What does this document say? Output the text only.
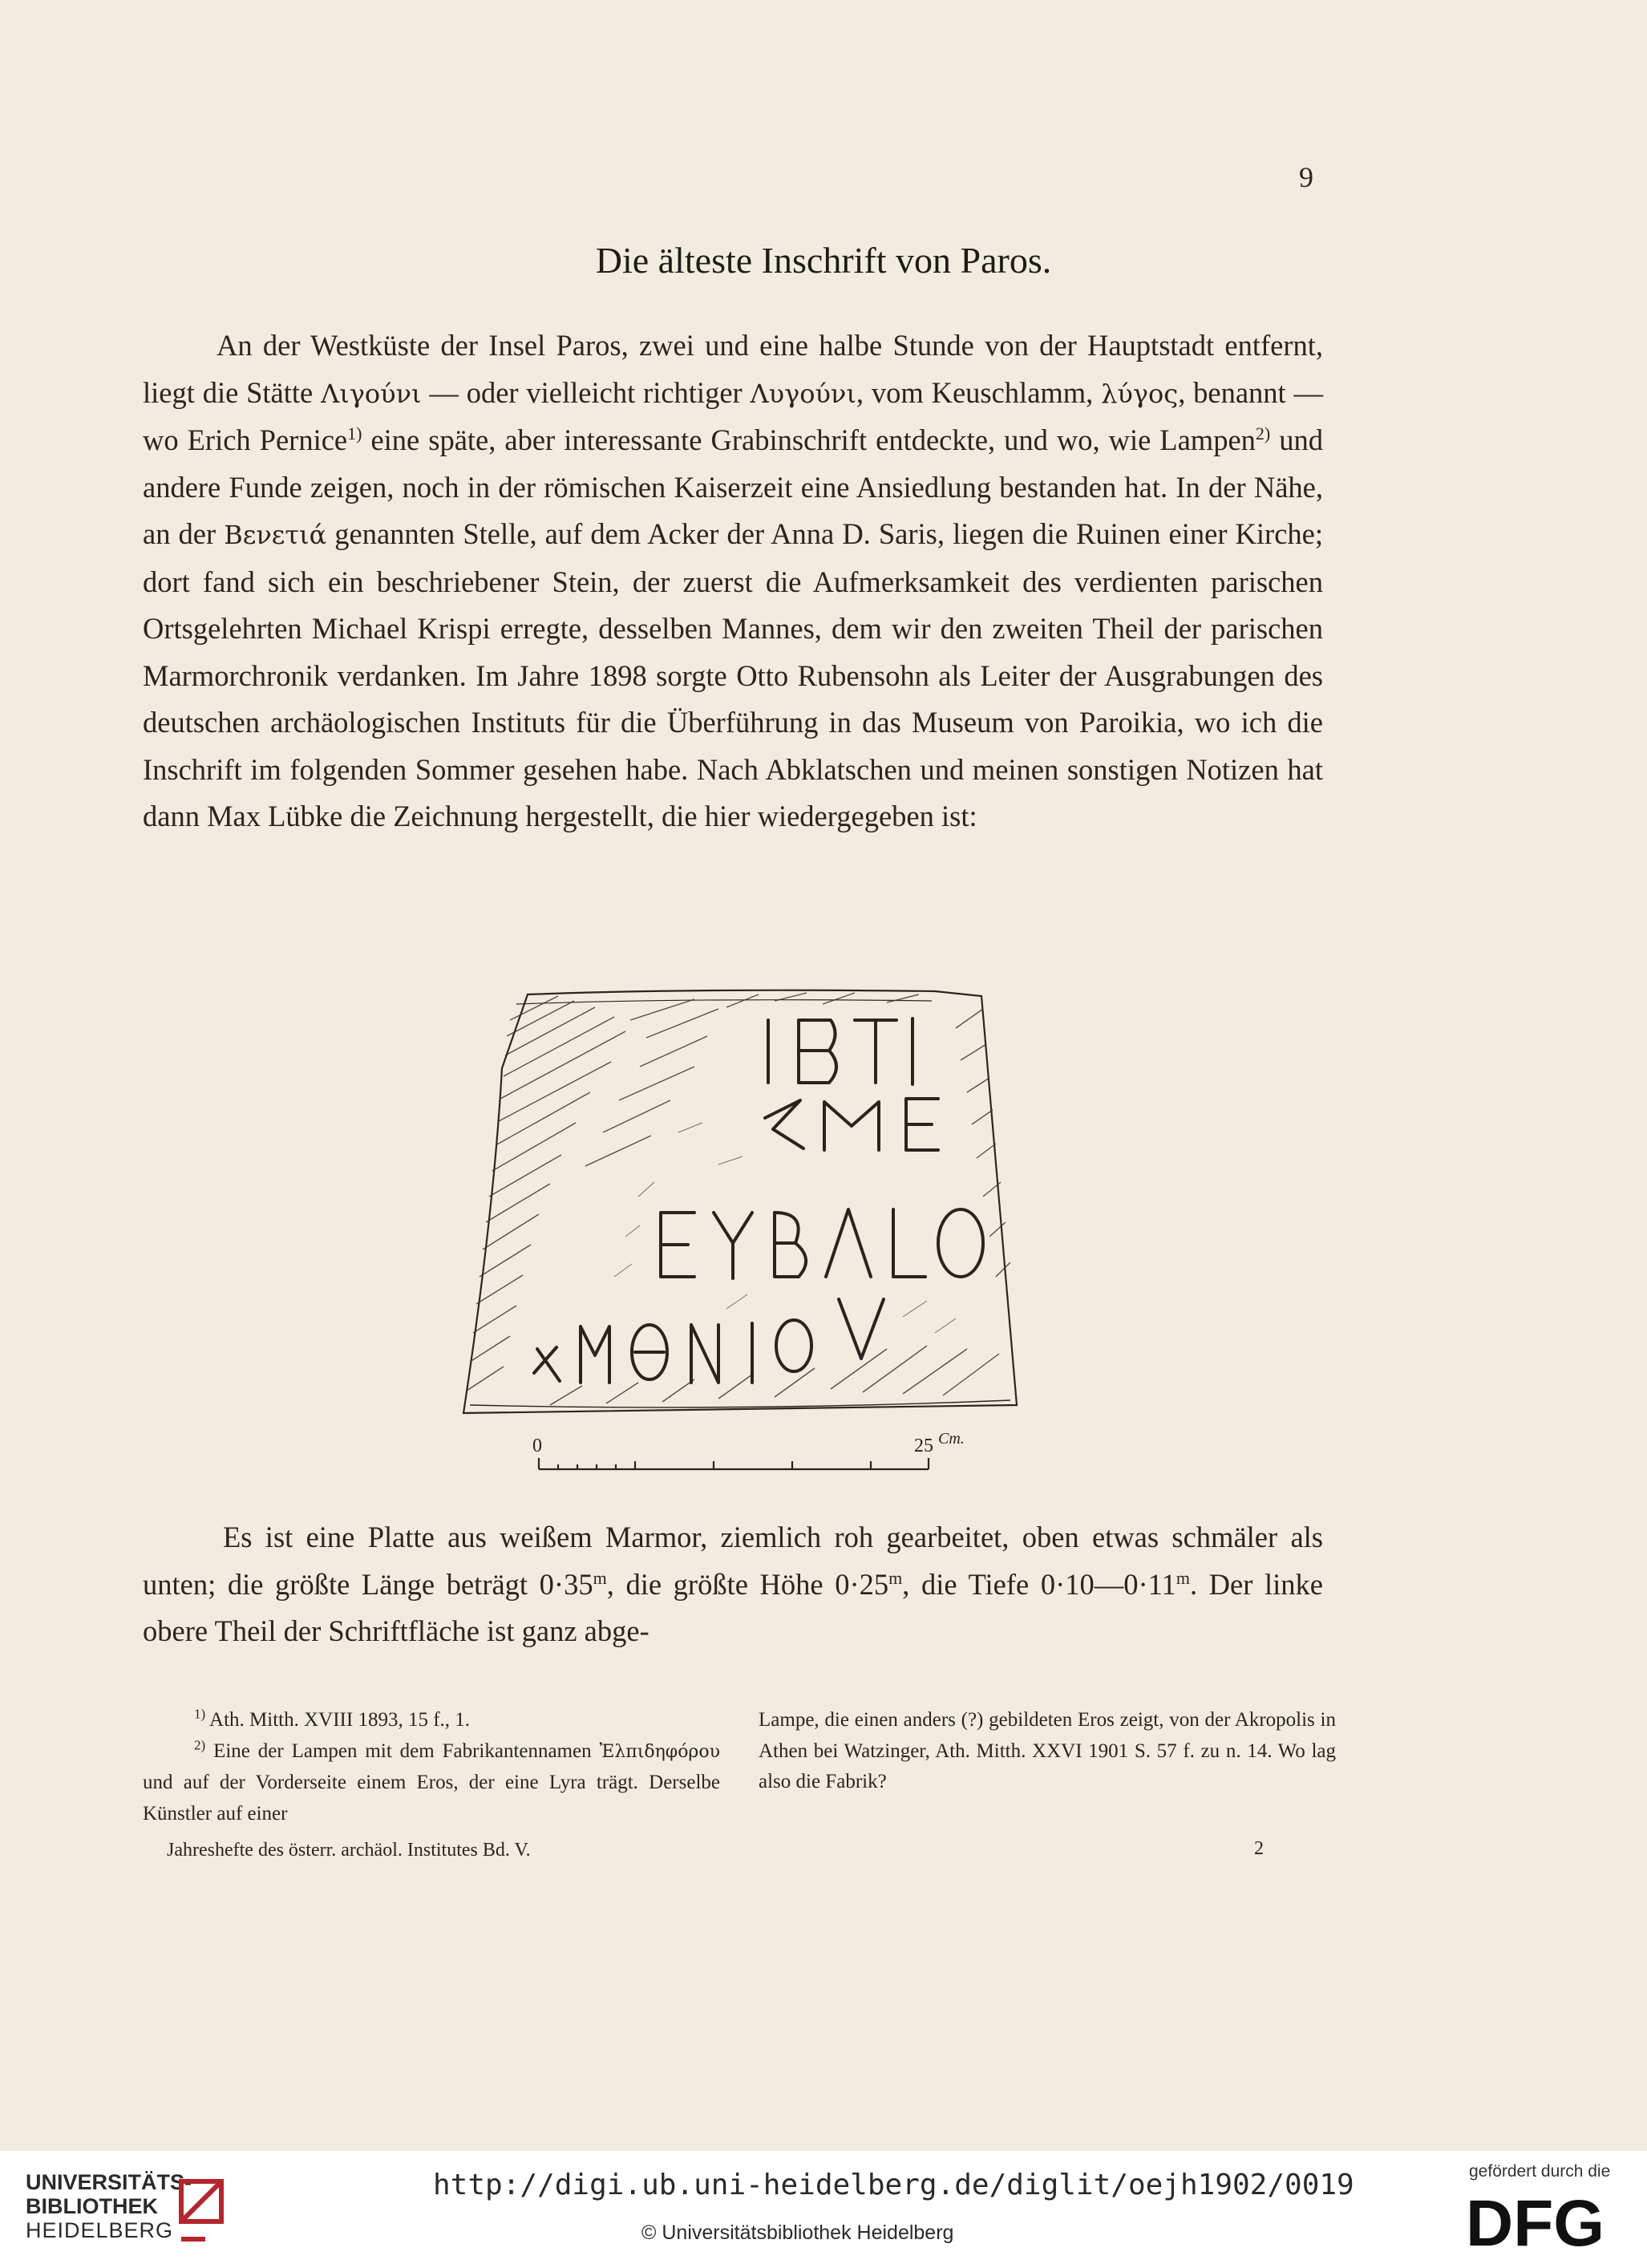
9
Die älteste Inschrift von Paros.

An der Westküste der Insel Paros, zwei und eine halbe Stunde von der Hauptstadt entfernt, liegt die Stätte Λιγούνι — oder vielleicht richtiger Λυγούνι, vom Keuschlamm, λύγος, benannt — wo Erich Pernice$^{1)}$ eine späte, aber interessante Grabinschrift entdeckte, und wo, wie Lampen$^{2)}$ und andere Funde zeigen, noch in der römischen Kaiserzeit eine Ansiedlung bestanden hat. In der Nähe, an der Βενετιά genannten Stelle, auf dem Acker der Anna D. Saris, liegen die Ruinen einer Kirche; dort fand sich ein beschriebener Stein, der zuerst die Aufmerksamkeit des verdienten parischen Ortsgelehrten Michael Krispi erregte, desselben Mannes, dem wir den zweiten Theil der parischen Marmorchronik verdanken. Im Jahre 1898 sorgte Otto Rubensohn als Leiter der Ausgrabungen des deutschen archäologischen Instituts für die Überführung in das Museum von Paroikia, wo ich die Inschrift im folgenden Sommer gesehen habe. Nach Abklatschen und meinen sonstigen Notizen hat dann Max Lübke die Zeichnung hergestellt, die hier wiedergegeben ist:

0	25 Cm.

Es ist eine Platte aus weißem Marmor, ziemlich roh gearbeitet, oben etwas schmäler als unten; die größte Länge beträgt $0\cdot 35^m$, die größte Höhe $0\cdot 25^m$, die Tiefe $0\cdot 10—0\cdot 11^m$. Der linke obere Theil der Schriftfläche ist ganz abge-

$^{1)}$ Ath. Mitth. XVIII 1893, 15 f., 1.

$^{2)}$ Eine der Lampen mit dem Fabrikantennamen Ἐλπιδηφόρου und auf der Vorderseite einem Eros, der eine Lyra trägt. Derselbe Künstler auf einer

Lampe, die einen anders (?) gebildeten Eros zeigt, von der Akropolis in Athen bei Watzinger, Ath. Mitth. XXVI 1901 S. 57 f. zu n. 14. Wo lag also die Fabrik?

Jahreshefte des österr. archäol. Institutes Bd. V.	2
UNIVERSITÄTS-
BIBLIOTHEK
HEIDELBERG
http://digi.ub.uni-heidelberg.de/diglit/oejh1902/0019
© Universitätsbibliothek Heidelberg
gefördert durch die
DFG
